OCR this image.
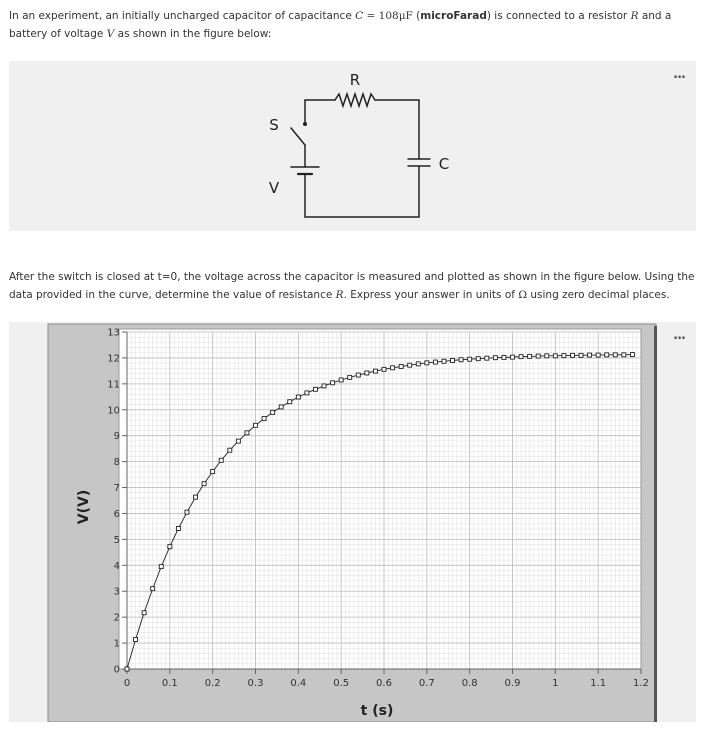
In an experiment, an initially uncharged capacitor of capacitance C = 108μF (microFarad) is connected to a resistor R and a battery of voltage V as shown in the figure below:
...
R
S
C
V
After the switch is closed at t=0, the voltage across the capacitor is measured and plotted as shown in the figure below. Using the data provided in the curve, determine the value of resistance R. Express your answer in units of Ω using zero decimal places.
...
0
1
2
3
4
5
6
7
8
9
10
11
12
13
0	0.1	0.2	0.3	0.4	0.5	0.6	0.7	0.8	0.9	1	1.1	1.2
V(V)
t (s)
